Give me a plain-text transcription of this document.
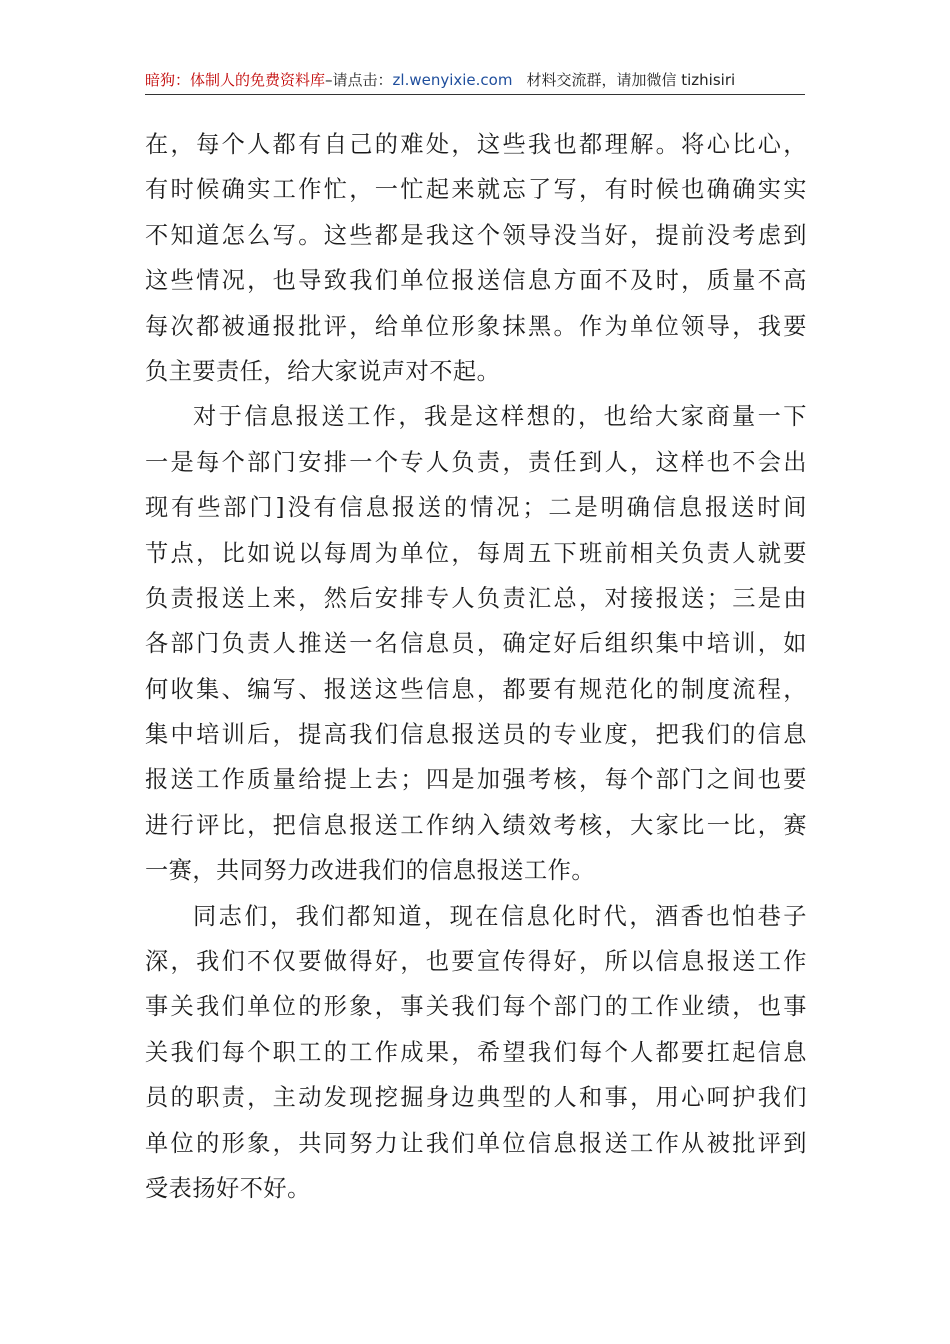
暗狗：体制人的免费资料库–请点击：zl.wenyixie.com 材料交流群，请加微信 tizhisiri
在，每个人都有自己的难处，这些我也都理解。将心比心，
有时候确实工作忙，一忙起来就忘了写，有时候也确确实实
不知道怎么写。这些都是我这个领导没当好，提前没考虑到
这些情况，也导致我们单位报送信息方面不及时，质量不高
每次都被通报批评，给单位形象抹黑。作为单位领导，我要
负主要责任，给大家说声对不起。
对于信息报送工作，我是这样想的，也给大家商量一下
一是每个部门安排一个专人负责，责任到人，这样也不会出
现有些部门]没有信息报送的情况；二是明确信息报送时间
节点，比如说以每周为单位，每周五下班前相关负责人就要
负责报送上来，然后安排专人负责汇总，对接报送；三是由
各部门负责人推送一名信息员，确定好后组织集中培训，如
何收集、编写、报送这些信息，都要有规范化的制度流程，
集中培训后，提高我们信息报送员的专业度，把我们的信息
报送工作质量给提上去；四是加强考核，每个部门之间也要
进行评比，把信息报送工作纳入绩效考核，大家比一比，赛
一赛，共同努力改进我们的信息报送工作。
同志们，我们都知道，现在信息化时代，酒香也怕巷子
深，我们不仅要做得好，也要宣传得好，所以信息报送工作
事关我们单位的形象，事关我们每个部门的工作业绩，也事
关我们每个职工的工作成果，希望我们每个人都要扛起信息
员的职责，主动发现挖掘身边典型的人和事，用心呵护我们
单位的形象，共同努力让我们单位信息报送工作从被批评到
受表扬好不好。
